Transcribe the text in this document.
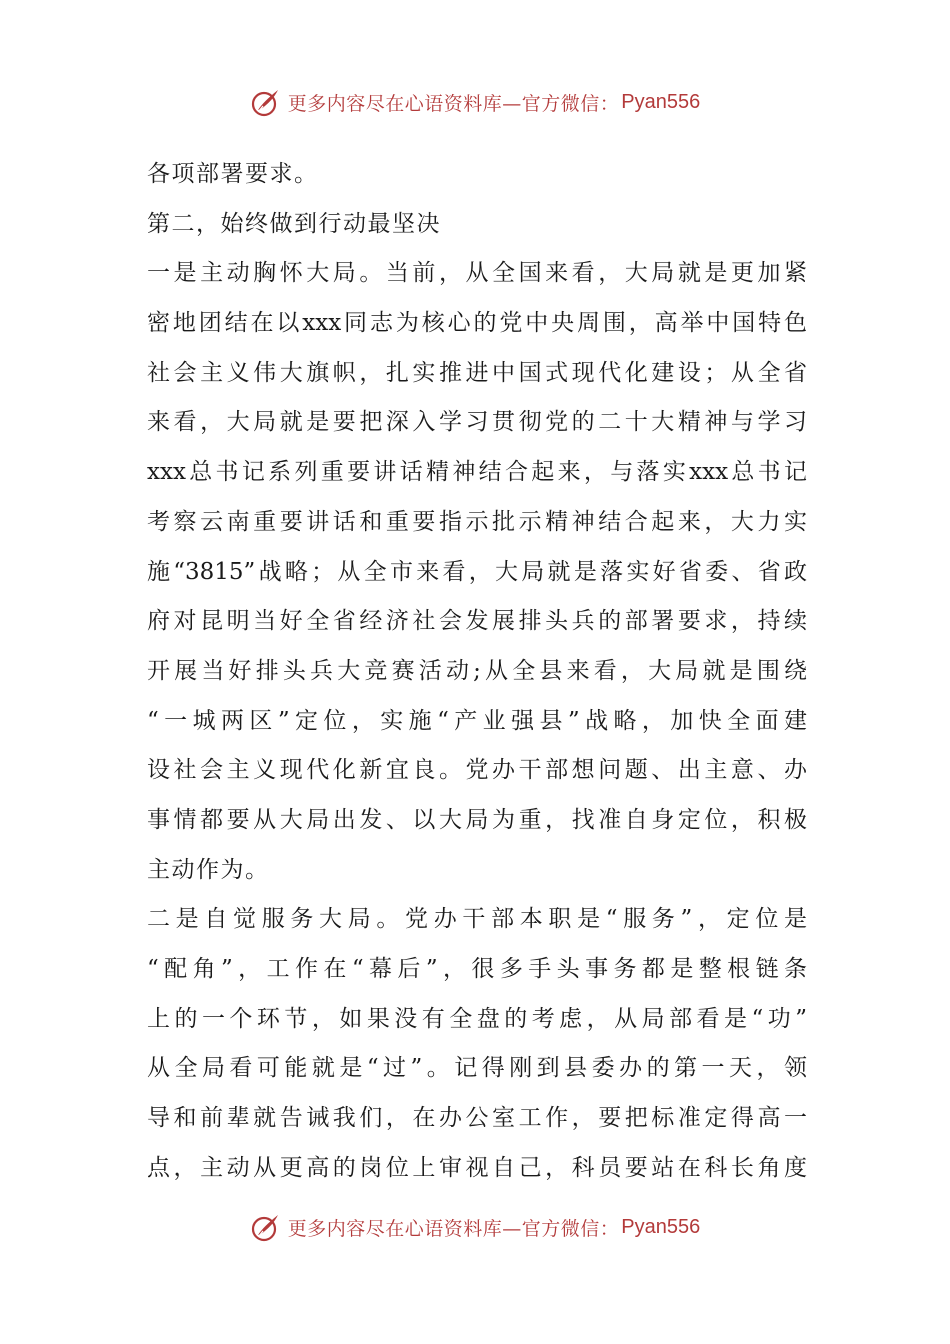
更多内容尽在心语资料库—官方微信： Pyan556
各项部署要求。
第二，始终做到行动最坚决
一是主动胸怀大局。当前，从全国来看，大局就是更加紧
密地团结在以xxx同志为核心的党中央周围，高举中国特色
社会主义伟大旗帜，扎实推进中国式现代化建设；从全省
来看，大局就是要把深入学习贯彻党的二十大精神与学习
xxx总书记系列重要讲话精神结合起来，与落实xxx总书记
考察云南重要讲话和重要指示批示精神结合起来，大力实
施“3815”战略；从全市来看，大局就是落实好省委、省政
府对昆明当好全省经济社会发展排头兵的部署要求，持续
开展当好排头兵大竞赛活动;从全县来看，大局就是围绕
“一城两区”定位，实施“产业强县”战略，加快全面建
设社会主义现代化新宜良。党办干部想问题、出主意、办
事情都要从大局出发、以大局为重，找准自身定位，积极
主动作为。
二是自觉服务大局。党办干部本职是“服务”，定位是
“配角”，工作在“幕后”，很多手头事务都是整根链条
上的一个环节，如果没有全盘的考虑，从局部看是“功”
从全局看可能就是“过”。记得刚到县委办的第一天，领
导和前辈就告诫我们，在办公室工作，要把标准定得高一
点，主动从更高的岗位上审视自己，科员要站在科长角度
更多内容尽在心语资料库—官方微信： Pyan556
